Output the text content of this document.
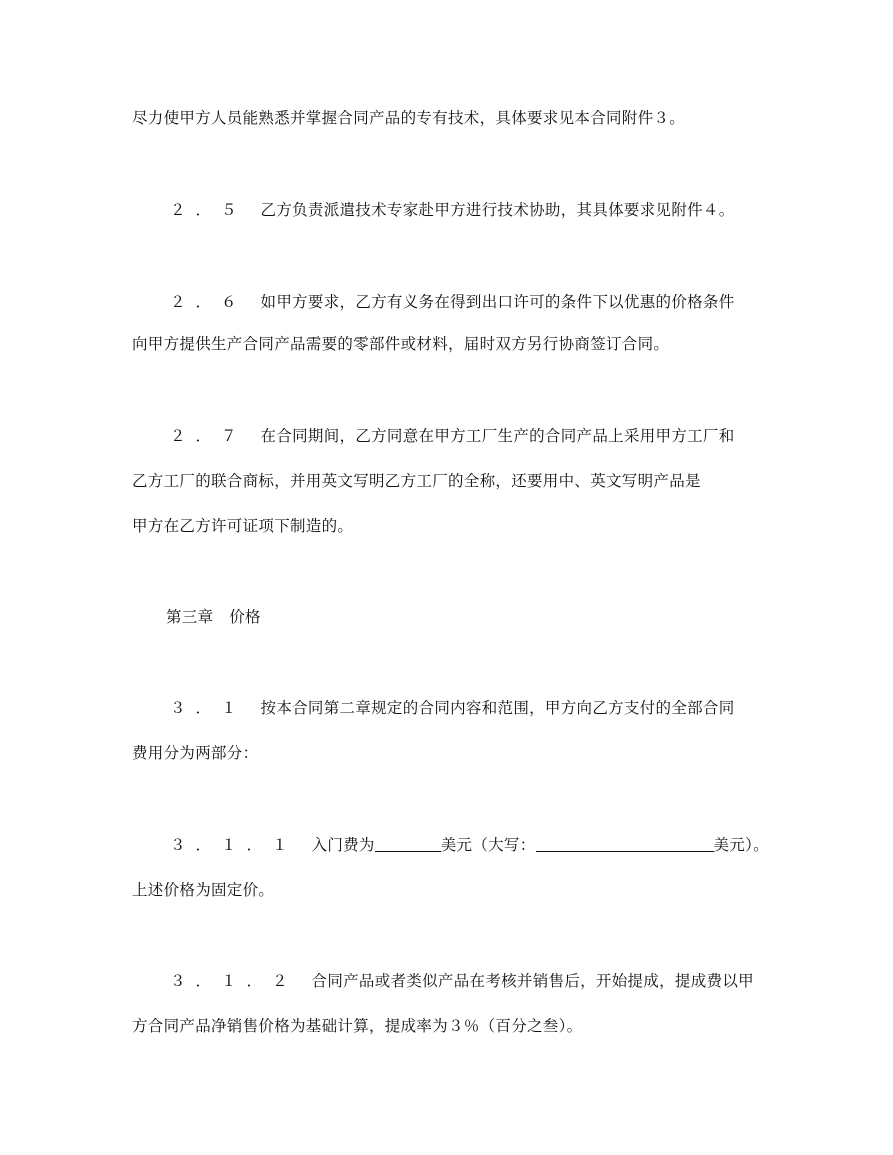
尽力使甲方人员能熟悉并掌握合同产品的专有技术，具体要求见本合同附件３。
２．５ 乙方负责派遣技术专家赴甲方进行技术协助，其具体要求见附件４。
２．６ 如甲方要求，乙方有义务在得到出口许可的条件下以优惠的价格条件
向甲方提供生产合同产品需要的零部件或材料，届时双方另行协商签订合同。
２．７ 在合同期间，乙方同意在甲方工厂生产的合同产品上采用甲方工厂和
乙方工厂的联合商标，并用英文写明乙方工厂的全称，还要用中、英文写明产品是
甲方在乙方许可证项下制造的。
第三章　价格
３．１ 按本合同第二章规定的合同内容和范围，甲方向乙方支付的全部合同
费用分为两部分：
３．１．１ 入门费为	美元（大写：	美元）。
上述价格为固定价。
３．１．２ 合同产品或者类似产品在考核并销售后，开始提成，提成费以甲
方合同产品净销售价格为基础计算，提成率为３％（百分之叁）。
